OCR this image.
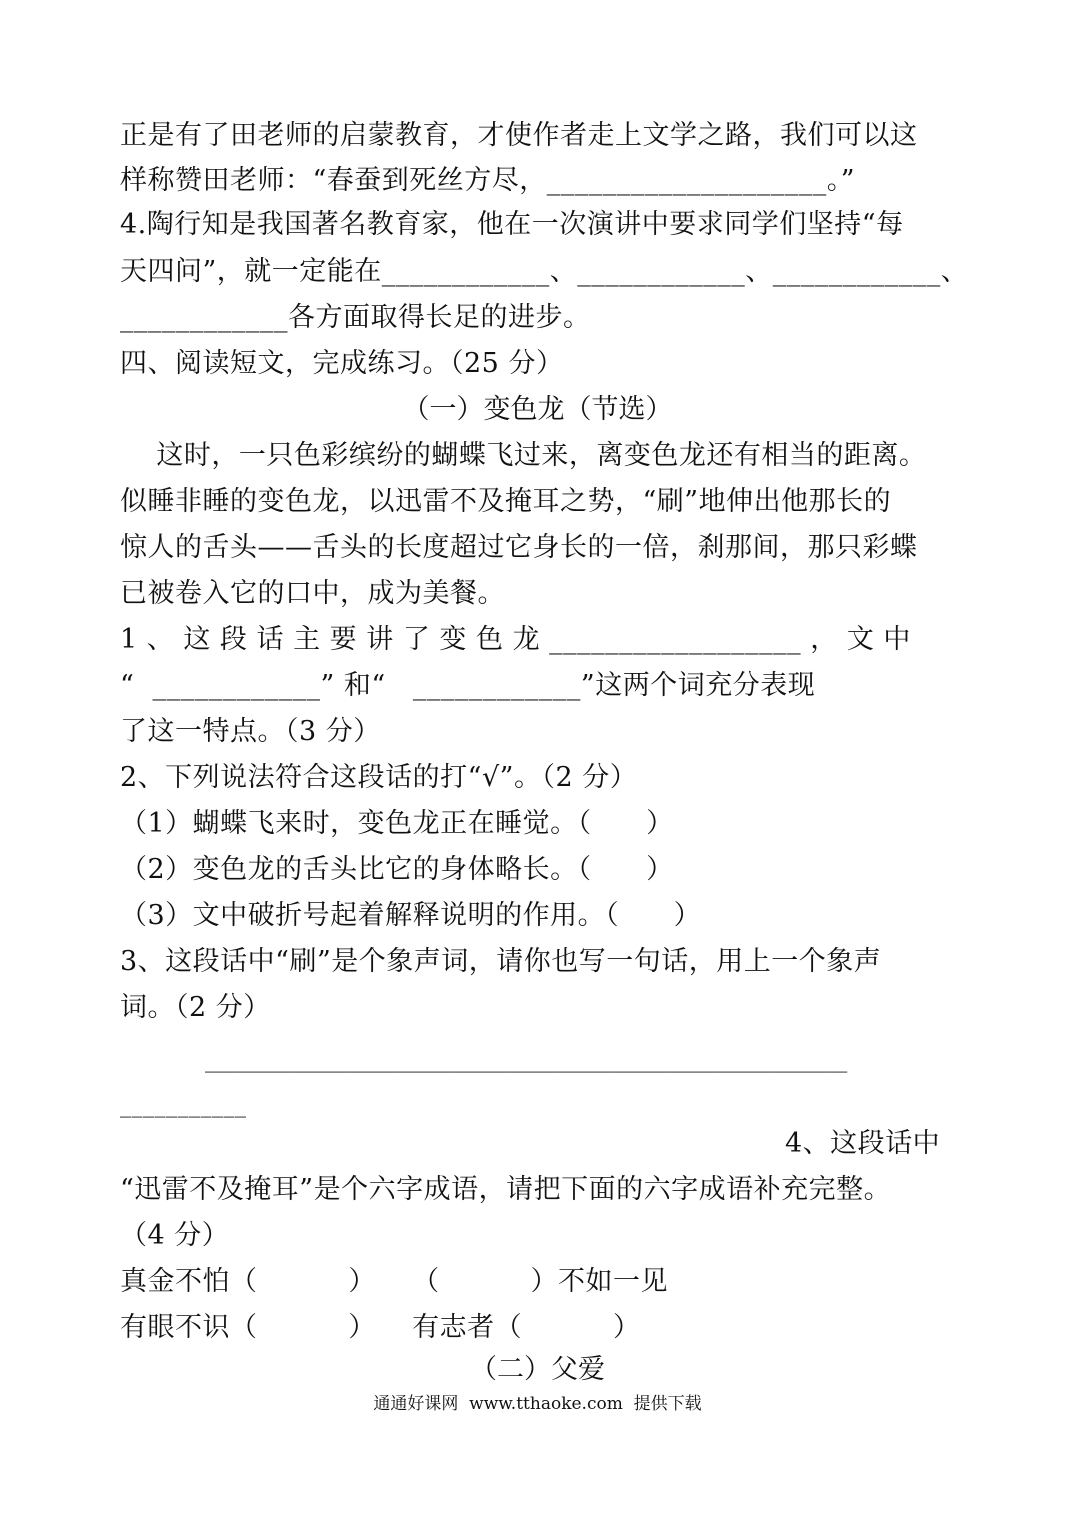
正是有了田老师的启蒙教育，才使作者走上文学之路，我们可以这
样称赞田老师：“春蚕到死丝方尽，____________________。”
4.陶行知是我国著名教育家，他在一次演讲中要求同学们坚持“每
天四问”，就一定能在____________、____________、____________、
____________各方面取得长足的进步。
四、阅读短文，完成练习。（25 分）
（一）变色龙（节选）
这时，一只色彩缤纷的蝴蝶飞过来，离变色龙还有相当的距离。
似睡非睡的变色龙，以迅雷不及掩耳之势，“刷”地伸出他那长的
惊人的舌头——舌头的长度超过它身长的一倍，刹那间，那只彩蝶
已被卷入它的口中，成为美餐。
1 、 这 段 话 主 要 讲 了 变 色 龙 __________________ ， 文 中
“  ____________” 和“   ____________”这两个词充分表现
了这一特点。（3 分）
2、下列说法符合这段话的打“√”。（2 分）
（1）蝴蝶飞来时，变色龙正在睡觉。（      ）
（2）变色龙的舌头比它的身体略长。（      ）
（3）文中破折号起着解释说明的作用。（      ）
3、这段话中“刷”是个象声词，请你也写一句话，用上一个象声
词。（2 分）
____________________________________________________________
___________
4、这段话中
“迅雷不及掩耳”是个六字成语，请把下面的六字成语补充完整。
（4 分）
真金不怕（          ）    （          ）不如一见
有眼不识（          ）    有志者（          ）
（二）父爱
通通好课网  www.tthaoke.com  提供下载
